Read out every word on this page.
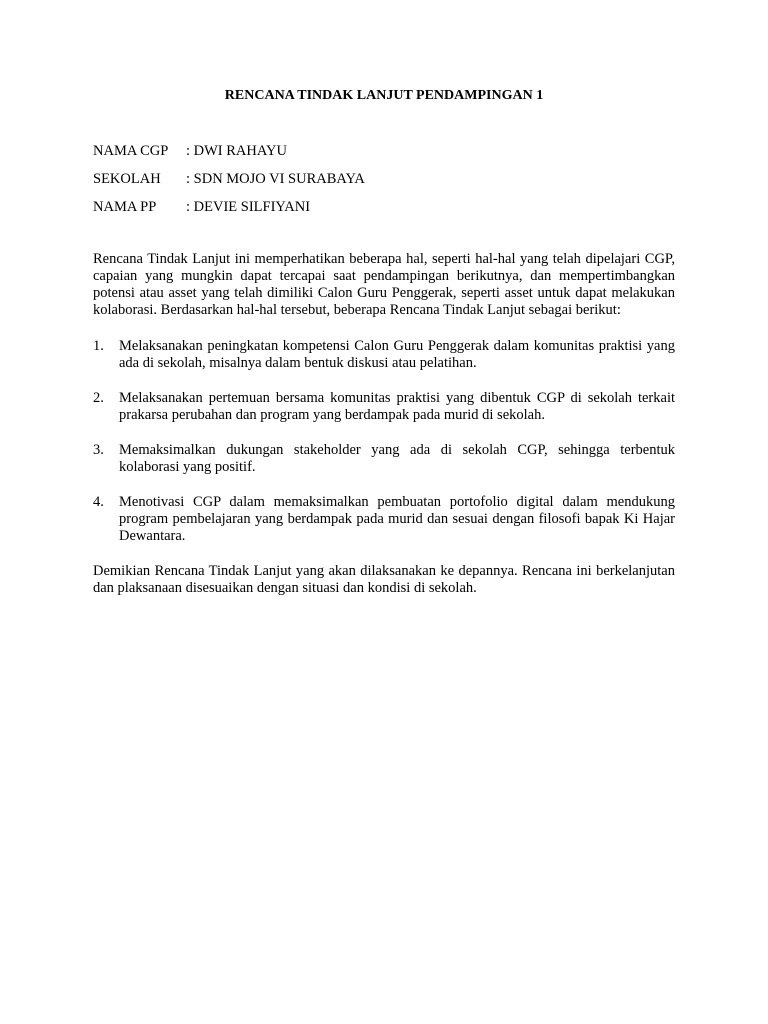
RENCANA TINDAK LANJUT PENDAMPINGAN 1
NAMA CGP	: DWI RAHAYU
SEKOLAH	: SDN MOJO VI SURABAYA
NAMA PP	: DEVIE SILFIYANI

Rencana Tindak Lanjut ini memperhatikan beberapa hal, seperti hal-hal yang telah dipelajari CGP, capaian yang mungkin dapat tercapai saat pendampingan berikutnya, dan mempertimbangkan potensi atau asset yang telah dimiliki Calon Guru Penggerak, seperti asset untuk dapat melakukan kolaborasi. Berdasarkan hal-hal tersebut, beberapa Rencana Tindak Lanjut sebagai berikut:

1.	Melaksanakan peningkatan kompetensi Calon Guru Penggerak dalam komunitas praktisi yang ada di sekolah, misalnya dalam bentuk diskusi atau pelatihan.
2.	Melaksanakan pertemuan bersama komunitas praktisi yang dibentuk CGP di sekolah terkait prakarsa perubahan dan program yang berdampak pada murid di sekolah.
3.	Memaksimalkan dukungan stakeholder yang ada di sekolah CGP, sehingga terbentuk kolaborasi yang positif.
4.	Menotivasi CGP dalam memaksimalkan pembuatan portofolio digital dalam mendukung program pembelajaran yang berdampak pada murid dan sesuai dengan filosofi bapak Ki Hajar Dewantara.

Demikian Rencana Tindak Lanjut yang akan dilaksanakan ke depannya. Rencana ini berkelanjutan dan plaksanaan disesuaikan dengan situasi dan kondisi di sekolah.
